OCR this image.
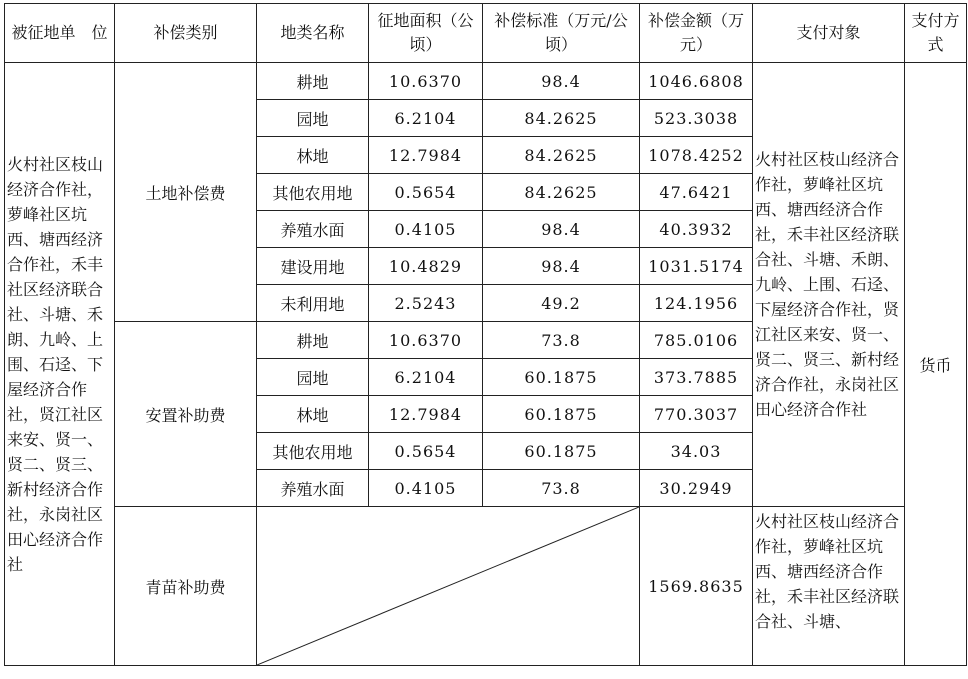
被征地单　位	补偿类别	地类名称	征地面积（公顷）	补偿标准（万元/公顷）	补偿金额（万元）	支付对象	支付方式
火村社区枝山经济合作社，萝峰社区坑西、塘西经济合作社，禾丰社区经济联合社、斗塘、禾朗、九岭、上围、石迳、下屋经济合作社，贤江社区来安、贤一、贤二、贤三、新村经济合作社，永岗社区田心经济合作社	土地补偿费	耕地	10.6370	98.4	1046.6808	火村社区枝山经济合作社，萝峰社区坑西、塘西经济合作社，禾丰社区经济联合社、斗塘、禾朗、九岭、上围、石迳、下屋经济合作社，贤江社区来安、贤一、贤二、贤三、新村经济合作社，永岗社区田心经济合作社	货币
		园地	6.2104	84.2625	523.3038		
		林地	12.7984	84.2625	1078.4252		
		其他农用地	0.5654	84.2625	47.6421		
		养殖水面	0.4105	98.4	40.3932		
		建设用地	10.4829	98.4	1031.5174		
		未利用地	2.5243	49.2	124.1956		
	安置补助费	耕地	10.6370	73.8	785.0106		
		园地	6.2104	60.1875	373.7885		
		林地	12.7984	60.1875	770.3037		
		其他农用地	0.5654	60.1875	34.03		
		养殖水面	0.4105	73.8	30.2949		
	青苗补助费				1569.8635	火村社区枝山经济合作社，萝峰社区坑西、塘西经济合作社，禾丰社区经济联合社、斗塘、	
